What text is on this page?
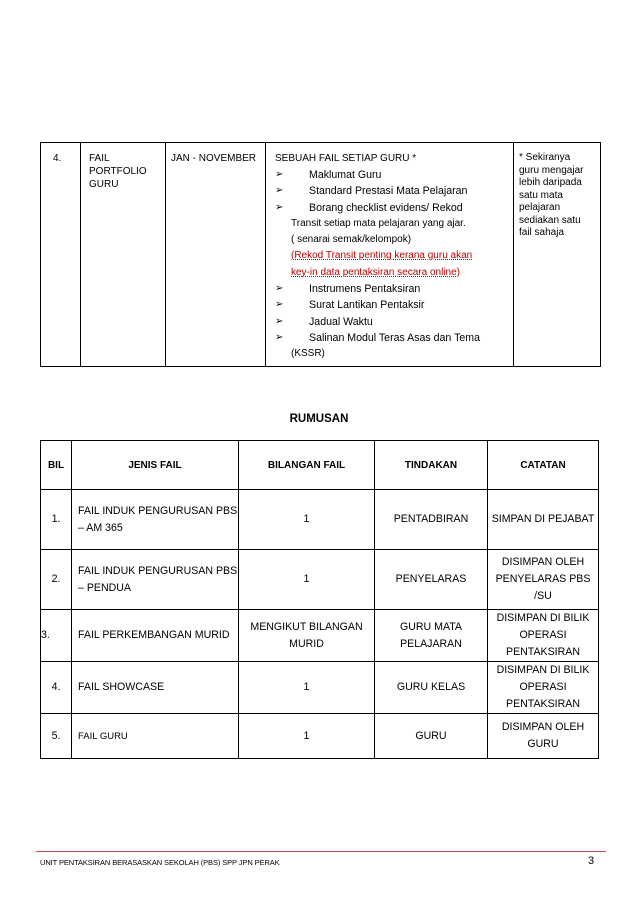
4.	FAIL PORTFOLIO GURU	JAN - NOVEMBER	SEBUAH FAIL SETIAP GURU *
➢	Maklumat Guru
➢	Standard Prestasi Mata Pelajaran
➢	Borang checklist evidens/ Rekod
Transit setiap mata pelajaran yang ajar.
( senarai semak/kelompok)
(Rekod Transit penting kerana guru akan
key-in data pentaksiran secara online)
➢	Instrumens Pentaksiran
➢	Surat Lantikan Pentaksir
➢	Jadual Waktu
➢	Salinan Modul Teras Asas dan Tema
(KSSR)
	* Sekiranya guru mengajar lebih daripada satu mata pelajaran sediakan satu fail sahaja
RUMUSAN
BIL	JENIS FAIL	BILANGAN FAIL	TINDAKAN	CATATAN
1.	FAIL INDUK PENGURUSAN PBS – AM 365	1	PENTADBIRAN	SIMPAN DI PEJABAT
2.	FAIL INDUK PENGURUSAN PBS – PENDUA	1	PENYELARAS	DISIMPAN OLEH PENYELARAS PBS /SU
3.	FAIL PERKEMBANGAN MURID	MENGIKUT BILANGAN MURID	GURU MATA PELAJARAN	DISIMPAN DI BILIK OPERASI PENTAKSIRAN
4.	FAIL SHOWCASE	1	GURU KELAS	DISIMPAN DI BILIK OPERASI PENTAKSIRAN
5.	FAIL GURU	1	GURU	DISIMPAN OLEH GURU
UNIT PENTAKSIRAN BERASASKAN SEKOLAH (PBS) SPP JPN PERAK	3
